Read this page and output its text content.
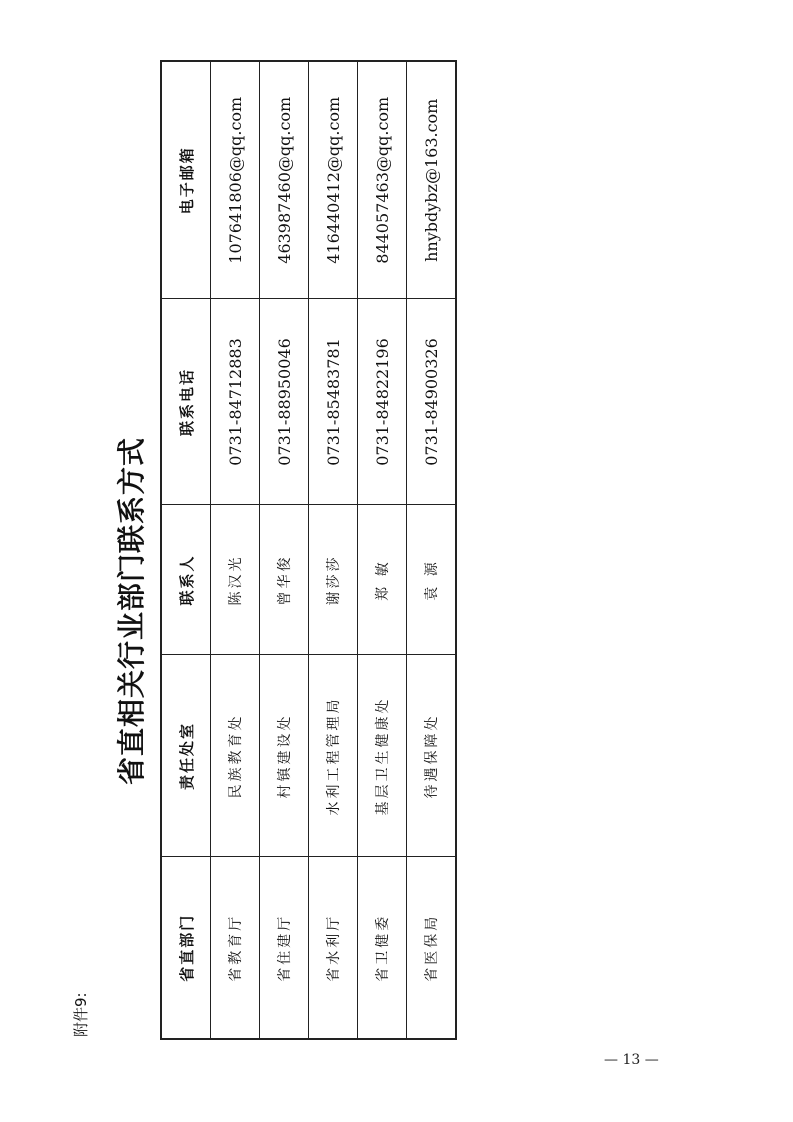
附件9:
省直相关行业部门联系方式
省直部门	责任处室	联系人	联系电话	电子邮箱
省教育厅	民族教育处	陈汉光	0731-84712883	107641806@qq.com
省住建厅	村镇建设处	曾华俊	0731-88950046	463987460@qq.com
省水利厅	水利工程管理局	谢莎莎	0731-85483781	416440412@qq.com
省卫健委	基层卫生健康处	郑 敏	0731-84822196	844057463@qq.com
省医保局	待遇保障处	袁 源	0731-84900326	hnybdybz@163.com
— 13 —
